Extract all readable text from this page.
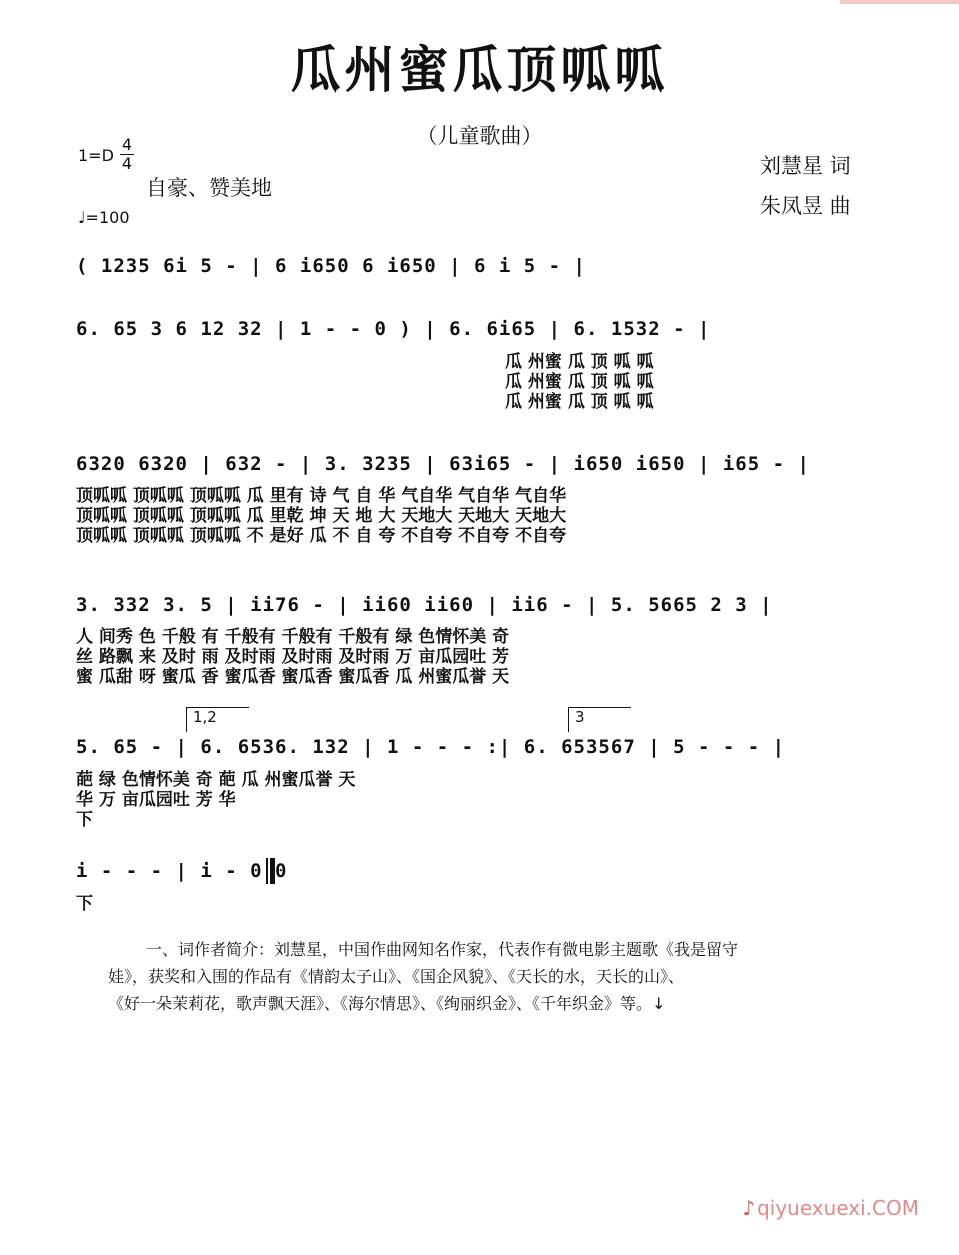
瓜州蜜瓜顶呱呱
（儿童歌曲）
1=D
4
4
自豪、赞美地
♩=100
刘慧星 词
朱凤昱 曲
( 1235 6i 5 - | 6 i650 6 i650 | 6 i 5 - |
6. 65 3 6 12 32 | 1 - - 0 ) | 6. 6i65 | 6. 1532 - |
瓜 州蜜 瓜 顶 呱 呱
瓜 州蜜 瓜 顶 呱 呱
瓜 州蜜 瓜 顶 呱 呱
6320 6320 | 632 - | 3. 3235 | 63i65 - | i650 i650 | i65 - |
顶呱呱 顶呱呱 顶呱呱 瓜 里有 诗 气 自 华 气自华 气自华 气自华
顶呱呱 顶呱呱 顶呱呱 瓜 里乾 坤 天 地 大 天地大 天地大 天地大
顶呱呱 顶呱呱 顶呱呱 不 是好 瓜 不 自 夸 不自夸 不自夸 不自夸
3. 332 3. 5 | ii76 - | ii60 ii60 | ii6 - | 5. 5665 2 3 |
人 间秀 色 千般 有 千般有 千般有 千般有 绿 色情怀美 奇
丝 路飘 来 及时 雨 及时雨 及时雨 及时雨 万 亩瓜园吐 芳
蜜 瓜甜 呀 蜜瓜 香 蜜瓜香 蜜瓜香 蜜瓜香 瓜 州蜜瓜誉 天
1,2	3
5. 65 - | 6. 6536. 132 | 1 - - - :| 6. 653567 | 5 - - - |
葩 绿 色情怀美 奇 葩 瓜 州蜜瓜誉 天
华 万 亩瓜园吐 芳 华
下
i - - - | i - 0 0
下
一、词作者简介：刘慧星，中国作曲网知名作家，代表作有微电影主题歌《我是留守
娃》，获奖和入围的作品有《情韵太子山》、《国企风貌》、《天长的水，天长的山》、
《好一朵茉莉花，歌声飘天涯》、《海尔情思》、《绚丽织金》、《千年织金》等。↓
♪ qiyuexuexi.COM
